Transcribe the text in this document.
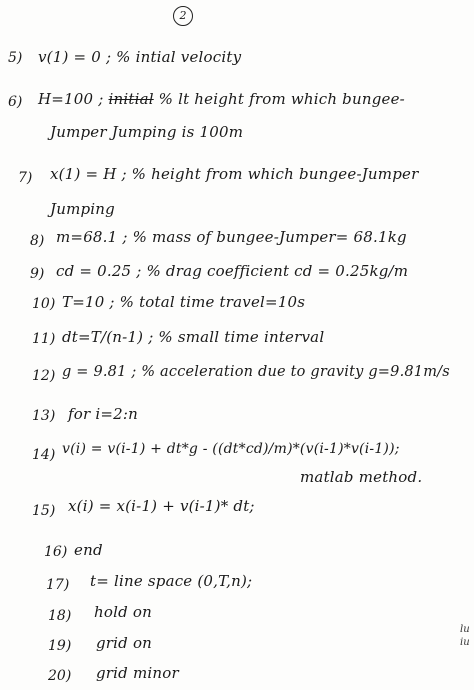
2
5) v(1) = 0 ; % intial velocity
6) H=100 ; initial % lt height from which bungee-
Jumper Jumping is 100m
7) x(1) = H ; % height from which bungee-Jumper
Jumping
8) m=68.1 ; % mass of bungee-Jumper= 68.1kg
9) cd = 0.25 ; % drag coefficient cd = 0.25kg/m
10) T=10 ; % total time travel=10s
11) dt=T/(n-1) ; % small time interval
12) g = 9.81 ; % acceleration due to gravity g=9.81m/s
13) for i=2:n
14) v(i) = v(i-1) + dt*g - ((dt*cd)/m)*(v(i-1)*v(i-1));
matlab method.
15) x(i) = x(i-1) + v(i-1)* dt;
16) end
17) t= line space (0,T,n);
18) hold on
19) grid on
20) grid minor
lu
iu
